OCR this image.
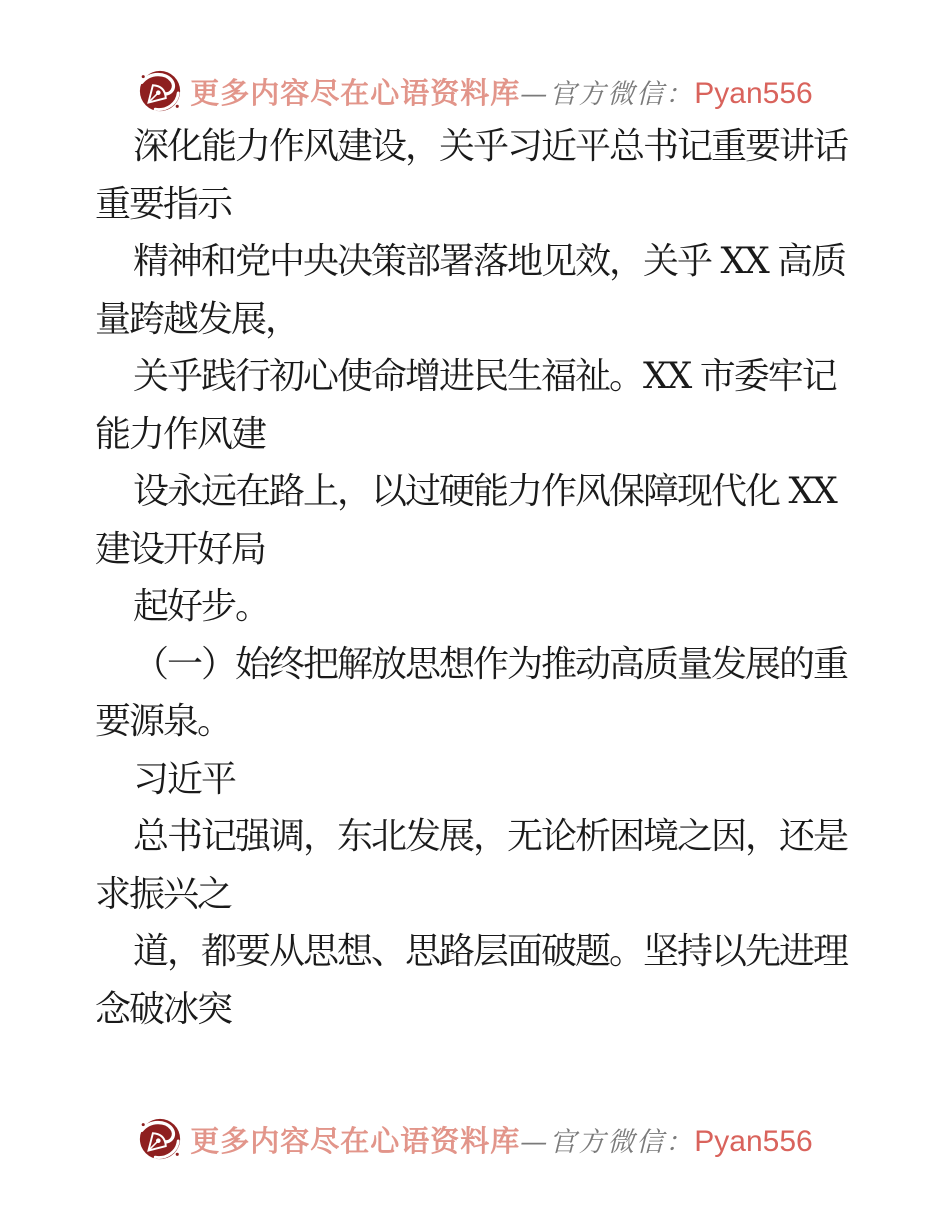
更多内容尽在心语资料库—官方微信：Pyan556
深化能力作风建设，关乎习近平总书记重要讲话
重要指示
精神和党中央决策部署落地见效，关乎 XX 高质
量跨越发展，
关乎践行初心使命增进民生福祉。XX 市委牢记
能力作风建
设永远在路上，以过硬能力作风保障现代化 XX
建设开好局
起好步。
（一）始终把解放思想作为推动高质量发展的重
要源泉。
习近平
总书记强调，东北发展，无论析困境之因，还是
求振兴之
道，都要从思想、思路层面破题。坚持以先进理
念破冰突
更多内容尽在心语资料库—官方微信：Pyan556
